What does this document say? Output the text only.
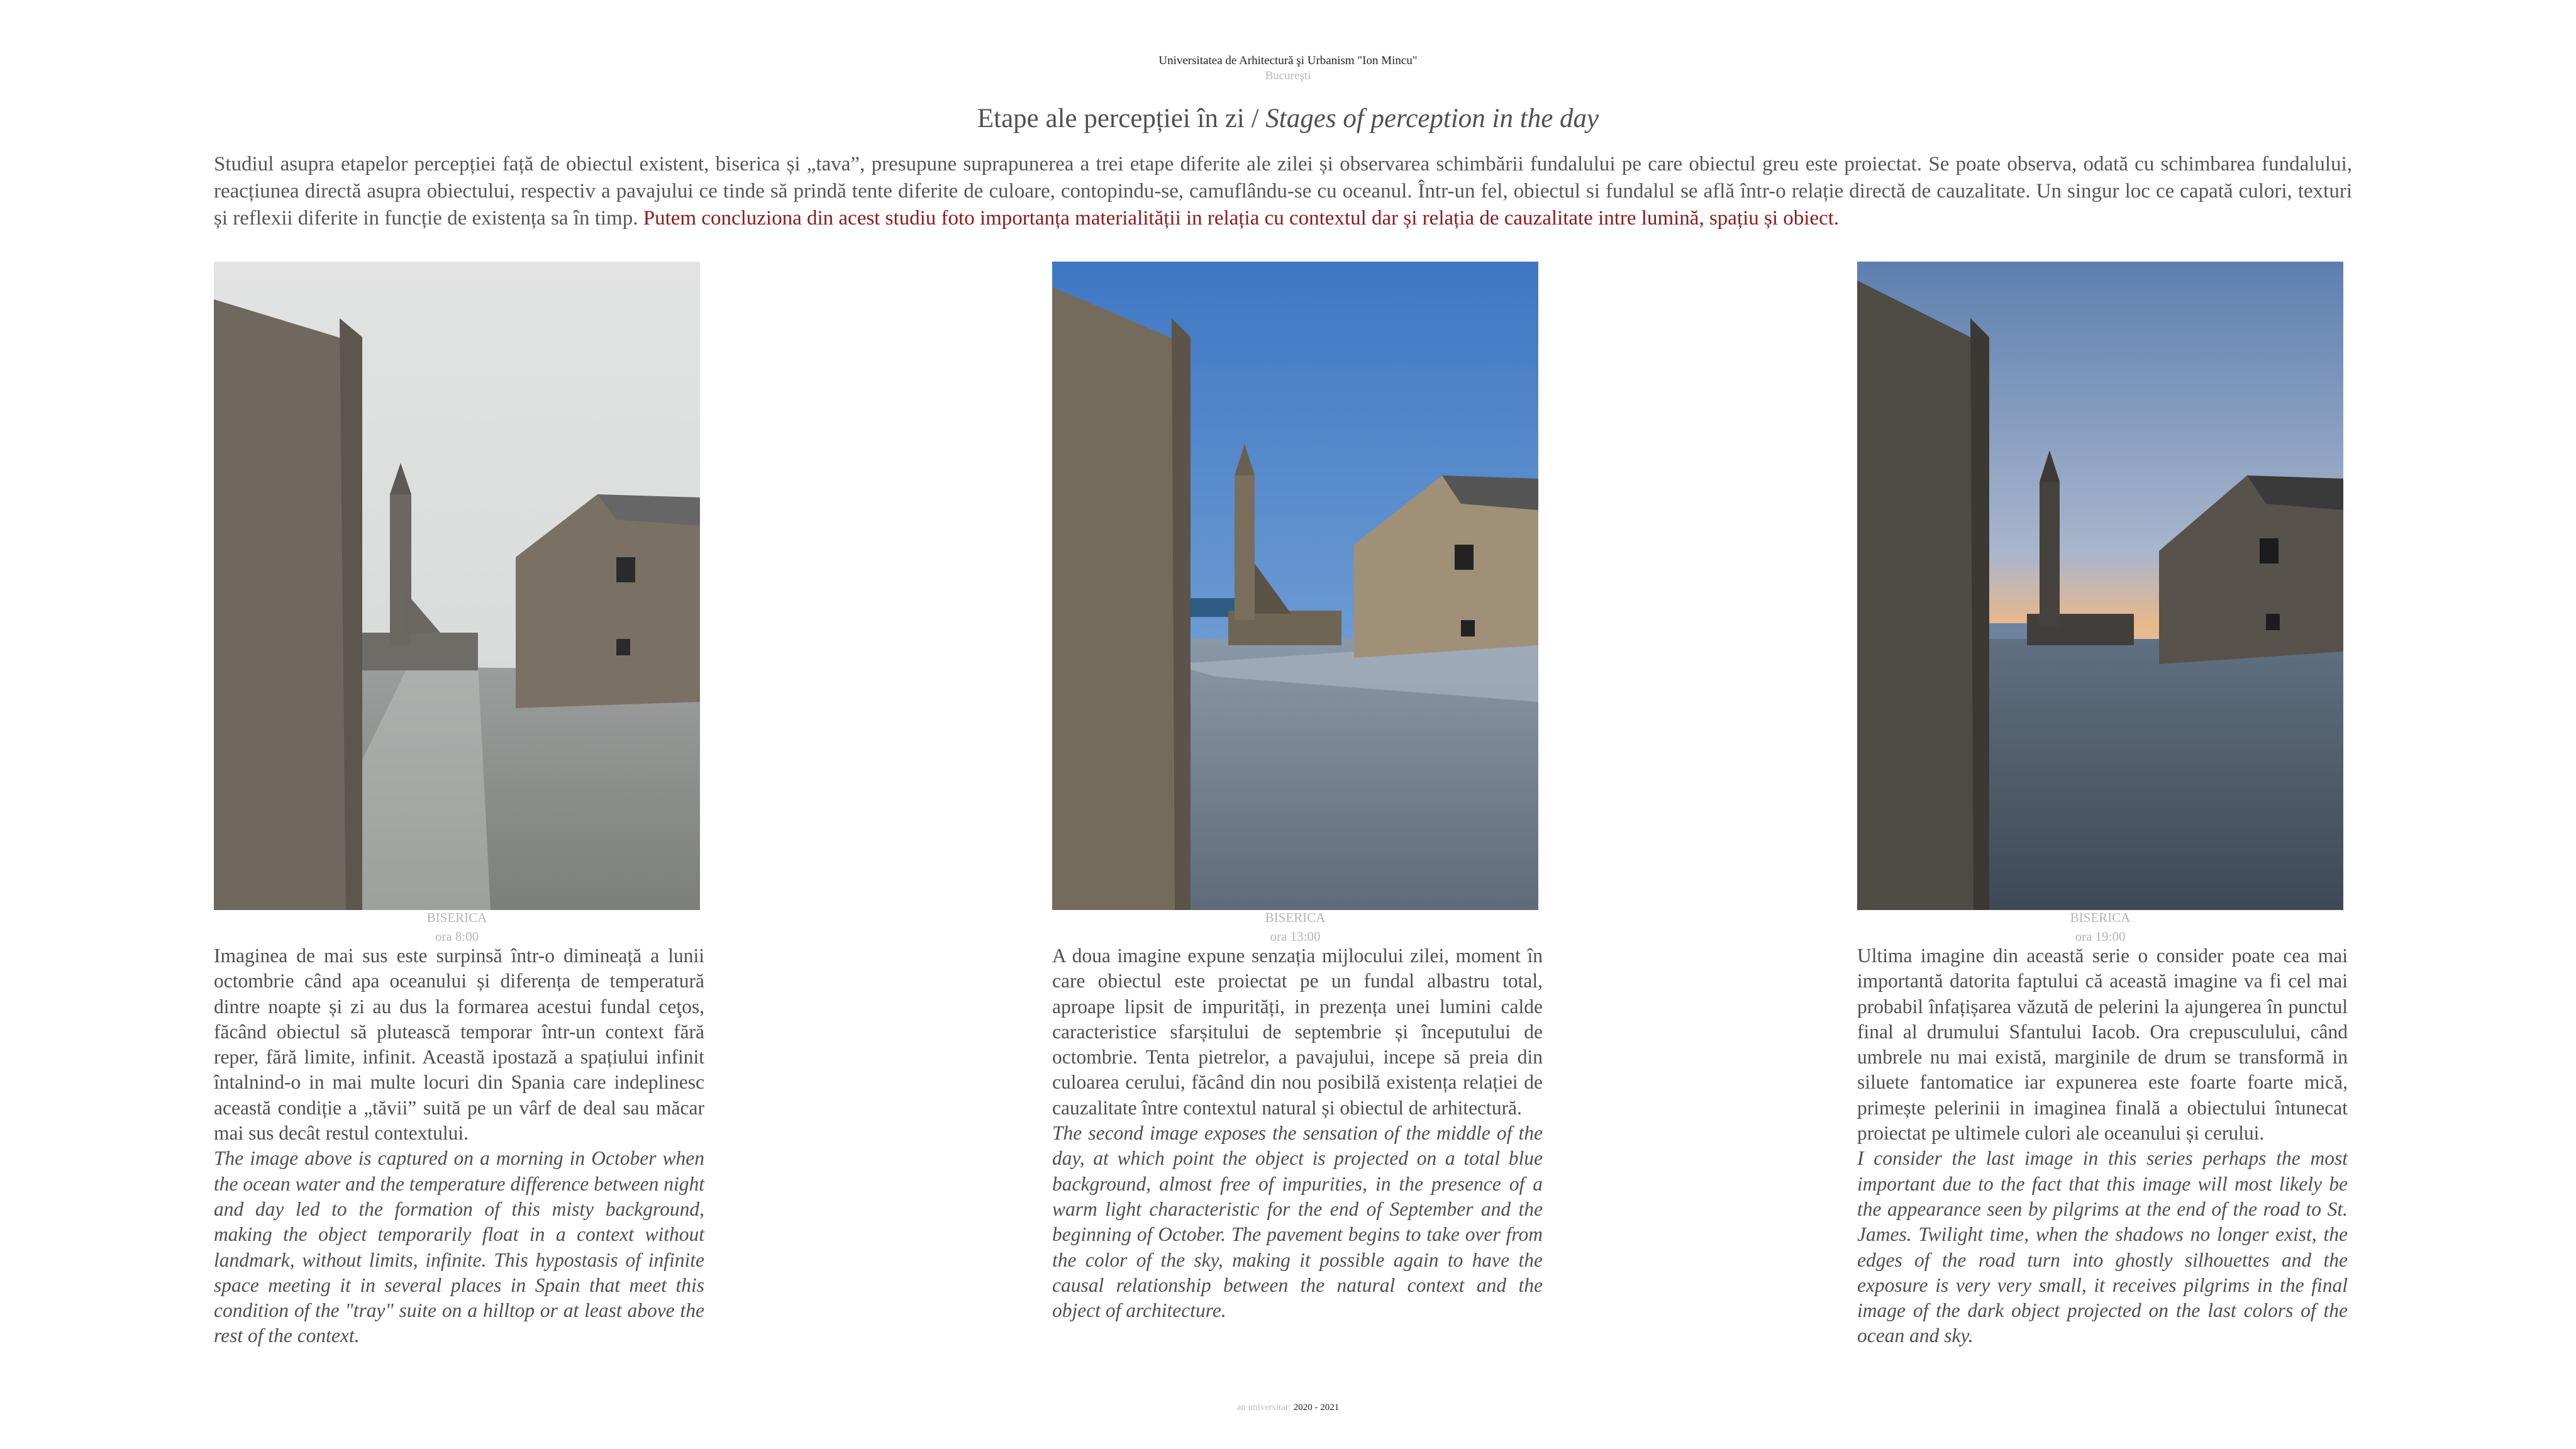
Universitatea de Arhitectură şi Urbanism "Ion Mincu"
Bucureşti
Etape ale percepției în zi / Stages of perception in the day
Studiul asupra etapelor percepției față de obiectul existent, biserica și „tava”, presupune suprapunerea a trei etape diferite ale zilei și observarea schimbării fundalului pe care obiectul greu este proiectat. Se poate observa, odată cu schimbarea fundalului, reacțiunea directă asupra obiectului, respectiv a pavajului ce tinde să prindă tente diferite de culoare, contopindu-se, camuflându-se cu oceanul. Într-un fel, obiectul si fundalul se află într-o relație directă de cauzalitate. Un singur loc ce capată culori, texturi și reflexii diferite in funcție de existența sa în timp. Putem concluziona din acest studiu foto importanța materialității in relația cu contextul dar și relația de cauzalitate intre lumină, spațiu și obiect.
BISERICA
ora 8:00
Imaginea de mai sus este surpinsă într-o dimineață a lunii octombrie când apa oceanului și diferența de temperatură dintre noapte și zi au dus la formarea acestui fundal ceţos, făcând obiectul să plutească temporar într-un context fără reper, fără limite, infinit. Această ipostază a spațiului infinit întalnind-o in mai multe locuri din Spania care indeplinesc această condiție a „tăvii” suită pe un vârf de deal sau măcar mai sus decât restul contextului.
The image above is captured on a morning in October when the ocean water and the temperature difference between night and day led to the formation of this misty background, making the object temporarily float in a context without landmark, without limits, infinite. This hypostasis of infinite space meeting it in several places in Spain that meet this condition of the "tray" suite on a hilltop or at least above the rest of the context.
BISERICA
ora 13:00
A doua imagine expune senzația mijlocului zilei, moment în care obiectul este proiectat pe un fundal albastru total, aproape lipsit de impurități, in prezența unei lumini calde caracteristice sfarșitului de septembrie și începutului de octombrie. Tenta pietrelor, a pavajului, incepe să preia din culoarea cerului, făcând din nou posibilă existența relației de cauzalitate între contextul natural și obiectul de arhitectură.
The second image exposes the sensation of the middle of the day, at which point the object is projected on a total blue background, almost free of impurities, in the presence of a warm light characteristic for the end of September and the beginning of October. The pavement begins to take over from the color of the sky, making it possible again to have the causal relationship between the natural context and the object of architecture.
BISERICA
ora 19:00
Ultima imagine din această serie o consider poate cea mai importantă datorita faptului că această imagine va fi cel mai probabil înfațișarea văzută de pelerini la ajungerea în punctul final al drumului Sfantului Iacob. Ora crepusculului, când umbrele nu mai există, marginile de drum se transformă in siluete fantomatice iar expunerea este foarte foarte mică, primește pelerinii in imaginea finală a obiectului întunecat proiectat pe ultimele culori ale oceanului și cerului.
I consider the last image in this series perhaps the most important due to the fact that this image will most likely be the appearance seen by pilgrims at the end of the road to St. James. Twilight time, when the shadows no longer exist, the edges of the road turn into ghostly silhouettes and the exposure is very very small, it receives pilgrims in the final image of the dark object projected on the last colors of the ocean and sky.
an universitar: 2020 - 2021
